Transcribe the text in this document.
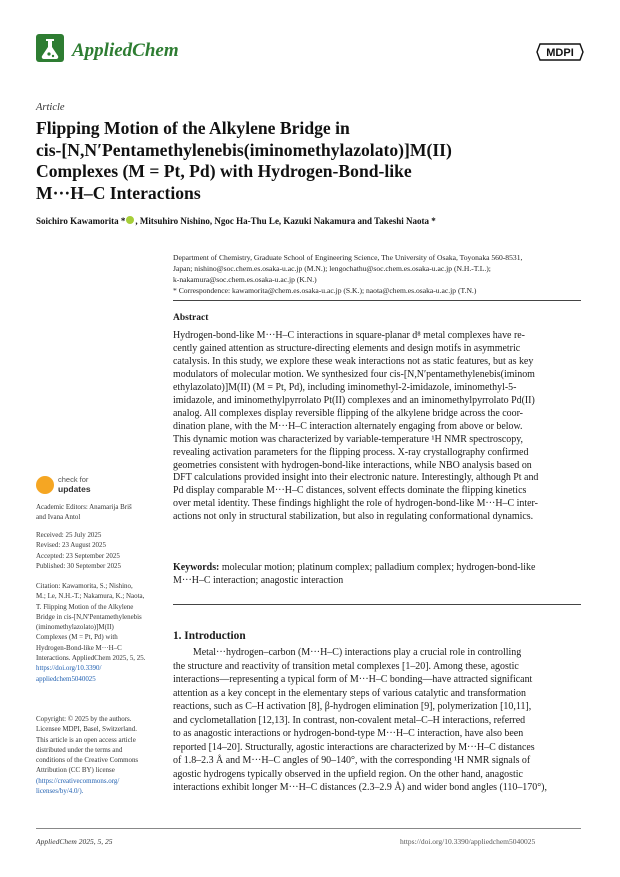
AppliedChem	MDPI
Article

Flipping Motion of the Alkylene Bridge in

cis-[N,N′Pentamethylenebis(iminomethylazolato)]M(II)

Complexes (M = Pt, Pd) with Hydrogen-Bond-like

M···H–C Interactions

Soichiro Kawamorita * , Mitsuhiro Nishino, Ngoc Ha-Thu Le, Kazuki Nakamura and Takeshi Naota *

Department of Chemistry, Graduate School of Engineering Science, The University of Osaka, Toyonaka 560-8531,

Japan; nishino@soc.chem.es.osaka-u.ac.jp (M.N.); lengochathu@soc.chem.es.osaka-u.ac.jp (N.H.-T.L.);

k-nakamura@soc.chem.es.osaka-u.ac.jp (K.N.)

* Correspondence: kawamorita@chem.es.osaka-u.ac.jp (S.K.); naota@chem.es.osaka-u.ac.jp (T.N.)

Abstract

Hydrogen-bond-like M···H–C interactions in square-planar d⁸ metal complexes have re-

cently gained attention as structure-directing elements and design motifs in asymmetric

catalysis. In this study, we explore these weak interactions not as static features, but as key

modulators of molecular motion. We synthesized four cis-[N,N′pentamethylenebis(iminom

ethylazolato)]M(II) (M = Pt, Pd), including iminomethyl-2-imidazole, iminomethyl-5-

imidazole, and iminomethylpyrrolato Pt(II) complexes and an iminomethylpyrrolato Pd(II)

analog. All complexes display reversible flipping of the alkylene bridge across the coor-

dination plane, with the M···H–C interaction alternately engaging from above or below.

This dynamic motion was characterized by variable-temperature ¹H NMR spectroscopy,

revealing activation parameters for the flipping process. X-ray crystallography confirmed

geometries consistent with hydrogen-bond-like interactions, while NBO analysis based on

DFT calculations provided insight into their electronic nature. Interestingly, although Pt and

Pd display comparable M···H–C distances, solvent effects dominate the flipping kinetics

over metal identity. These findings highlight the role of hydrogen-bond-like M···H–C inter-

actions not only in structural stabilization, but also in regulating conformational dynamics.

Keywords: molecular motion; platinum complex; palladium complex; hydrogen-bond-like

M···H–C interaction; anagostic interaction

check for
updates

Academic Editors: Anamarija Briš

and Ivana Antol

Received: 25 July 2025

Revised: 23 August 2025

Accepted: 23 September 2025

Published: 30 September 2025

Citation: Kawamorita, S.; Nishino,

M.; Le, N.H.-T.; Nakamura, K.; Naota,

T. Flipping Motion of the Alkylene

Bridge in cis-[N,N′Pentamethylenebis

(iminomethylazolato)]M(II)

Complexes (M = Pt, Pd) with

Hydrogen-Bond-like M···H–C

Interactions. AppliedChem 2025, 5, 25.

https://doi.org/10.3390/

appliedchem5040025

Copyright: © 2025 by the authors.

Licensee MDPI, Basel, Switzerland.

This article is an open access article

distributed under the terms and

conditions of the Creative Commons

Attribution (CC BY) license

(https://creativecommons.org/

licenses/by/4.0/).

1. Introduction

Metal···hydrogen–carbon (M···H–C) interactions play a crucial role in controlling

the structure and reactivity of transition metal complexes [1–20]. Among these, agostic

interactions—representing a typical form of M···H–C bonding—have attracted significant

attention as a key concept in the elementary steps of various catalytic and transformation

reactions, such as C–H activation [8], β-hydrogen elimination [9], polymerization [10,11],

and cyclometallation [12,13]. In contrast, non-covalent metal–C–H interactions, referred

to as anagostic interactions or hydrogen-bond-type M···H–C interaction, have also been

reported [14–20]. Structurally, agostic interactions are characterized by M···H–C distances

of 1.8–2.3 Å and M···H–C angles of 90–140°, with the corresponding ¹H NMR signals of

agostic hydrogens typically observed in the upfield region. On the other hand, anagostic

interactions exhibit longer M···H–C distances (2.3–2.9 Å) and wider bond angles (110–170°),

AppliedChem 2025, 5, 25	https://doi.org/10.3390/appliedchem5040025
